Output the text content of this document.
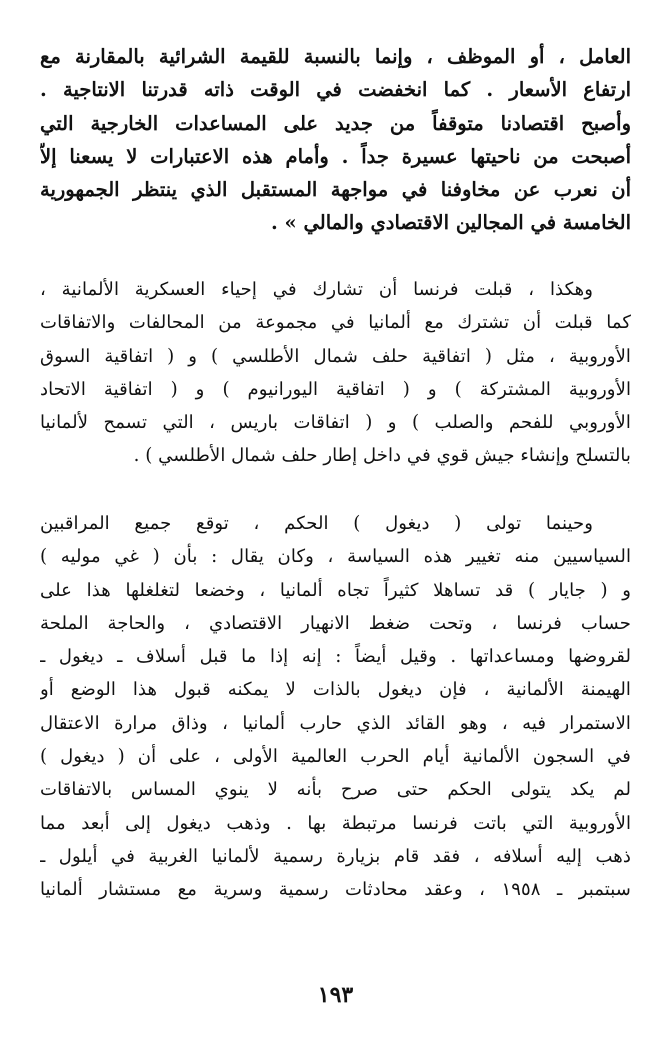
العامل ، أو الموظف ، وإنما بالنسبة للقيمة الشرائية بالمقارنة مع
ارتفاع الأسعار . كما انخفضت في الوقت ذاته قدرتنا الانتاجية .
وأصبح اقتصادنا متوقفاً من جديد على المساعدات الخارجية التي
أصبحت من ناحيتها عسيرة جداً . وأمام هذه الاعتبارات لا يسعنا إلاّ
أن نعرب عن مخاوفنا في مواجهة المستقبل الذي ينتظر الجمهورية
الخامسة في المجالين الاقتصادي والمالي » .
وهكذا ، قبلت فرنسا أن تشارك في إحياء العسكرية الألمانية ،
كما قبلت أن تشترك مع ألمانيا في مجموعة من المحالفات والاتفاقات
الأوروبية ، مثل ( اتفاقية حلف شمال الأطلسي ) و ( اتفاقية السوق
الأوروبية المشتركة ) و ( اتفاقية اليورانيوم ) و ( اتفاقية الاتحاد
الأوروبي للفحم والصلب ) و ( اتفاقات باريس ، التي تسمح لألمانيا
بالتسلح وإنشاء جيش قوي في داخل إطار حلف شمال الأطلسي ) .
وحينما تولى ( ديغول ) الحكم ، توقع جميع المراقبين
السياسيين منه تغيير هذه السياسة ، وكان يقال : بأن ( غي موليه )
و ( جايار ) قد تساهلا كثيراً تجاه ألمانيا ، وخضعا لتغلغلها هذا على
حساب فرنسا ، وتحت ضغط الانهيار الاقتصادي ، والحاجة الملحة
لقروضها ومساعداتها . وقيل أيضاً : إنه إذا ما قبل أسلاف ـ ديغول ـ
الهيمنة الألمانية ، فإن ديغول بالذات لا يمكنه قبول هذا الوضع أو
الاستمرار فيه ، وهو القائد الذي حارب ألمانيا ، وذاق مرارة الاعتقال
في السجون الألمانية أيام الحرب العالمية الأولى ، على أن ( ديغول )
لم يكد يتولى الحكم حتى صرح بأنه لا ينوي المساس بالاتفاقات
الأوروبية التي باتت فرنسا مرتبطة بها . وذهب ديغول إلى أبعد مما
ذهب إليه أسلافه ، فقد قام بزيارة رسمية لألمانيا الغربية في أيلول ـ
سبتمبر ـ ١٩٥٨ ، وعقد محادثات رسمية وسرية مع مستشار ألمانيا
١٩٣
